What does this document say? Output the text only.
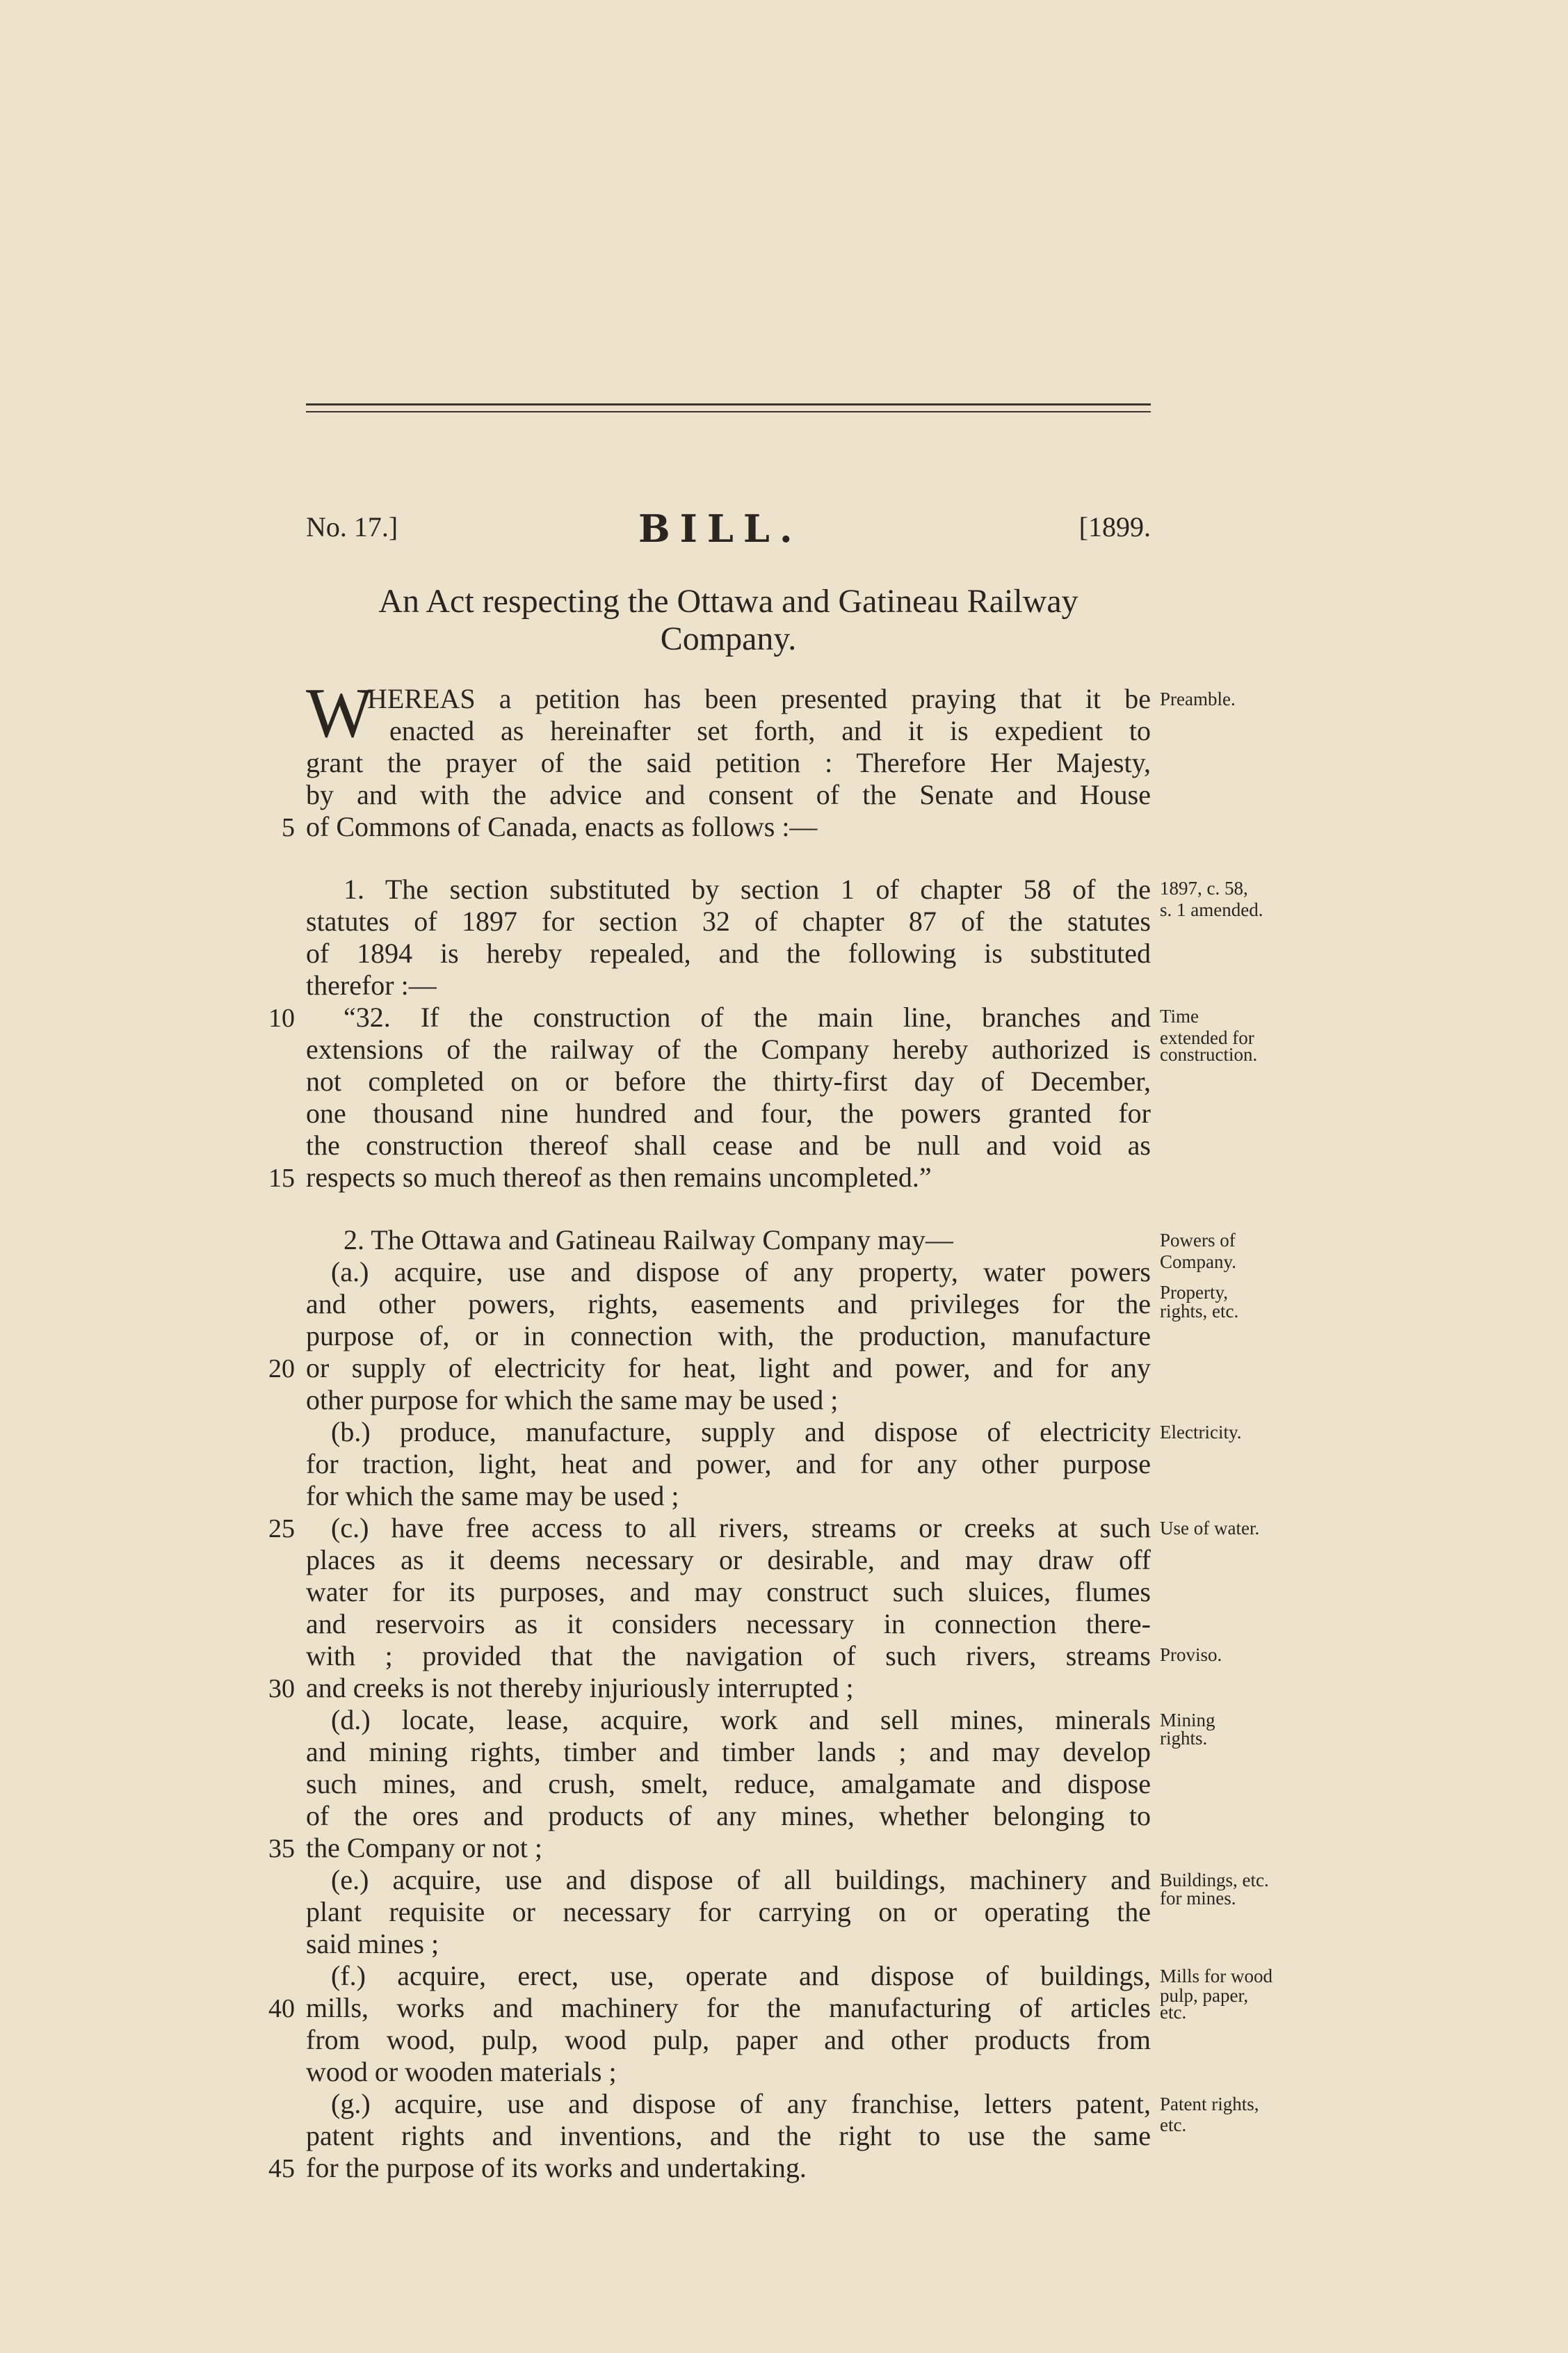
No. 17.]	BILL.	[1899.
An Act respecting the Ottawa and Gatineau Railway
Company.
W
HEREAS a petition has been presented praying that it be
enacted as hereinafter set forth, and it is expedient to
grant the prayer of the said petition : Therefore Her Majesty,
by and with the advice and consent of the Senate and House
of Commons of Canada, enacts as follows :—
1. The section substituted by section 1 of chapter 58 of the
statutes of 1897 for section 32 of chapter 87 of the statutes
of 1894 is hereby repealed, and the following is substituted
therefor :—
“32. If the construction of the main line, branches and
extensions of the railway of the Company hereby authorized is
not completed on or before the thirty-first day of December,
one thousand nine hundred and four, the powers granted for
the construction thereof shall cease and be null and void as
respects so much thereof as then remains uncompleted.”
2. The Ottawa and Gatineau Railway Company may—
(a.) acquire, use and dispose of any property, water powers
and other powers, rights, easements and privileges for the
purpose of, or in connection with, the production, manufacture
or supply of electricity for heat, light and power, and for any
other purpose for which the same may be used ;
(b.) produce, manufacture, supply and dispose of electricity
for traction, light, heat and power, and for any other purpose
for which the same may be used ;
(c.) have free access to all rivers, streams or creeks at such
places as it deems necessary or desirable, and may draw off
water for its purposes, and may construct such sluices, flumes
and reservoirs as it considers necessary in connection there-
with ; provided that the navigation of such rivers, streams
and creeks is not thereby injuriously interrupted ;
(d.) locate, lease, acquire, work and sell mines, minerals
and mining rights, timber and timber lands ; and may develop
such mines, and crush, smelt, reduce, amalgamate and dispose
of the ores and products of any mines, whether belonging to
the Company or not ;
(e.) acquire, use and dispose of all buildings, machinery and
plant requisite or necessary for carrying on or operating the
said mines ;
(f.) acquire, erect, use, operate and dispose of buildings,
mills, works and machinery for the manufacturing of articles
from wood, pulp, wood pulp, paper and other products from
wood or wooden materials ;
(g.) acquire, use and dispose of any franchise, letters patent,
patent rights and inventions, and the right to use the same
for the purpose of its works and undertaking.
5
10
15
20
25
30
35
40
45
Preamble.
1897, c. 58,
s. 1 amended.
Time
extended for
construction.
Powers of
Company.
Property,
rights, etc.
Electricity.
Use of water.
Proviso.
Mining
rights.
Buildings, etc.
for mines.
Mills for wood
pulp, paper,
etc.
Patent rights,
etc.
